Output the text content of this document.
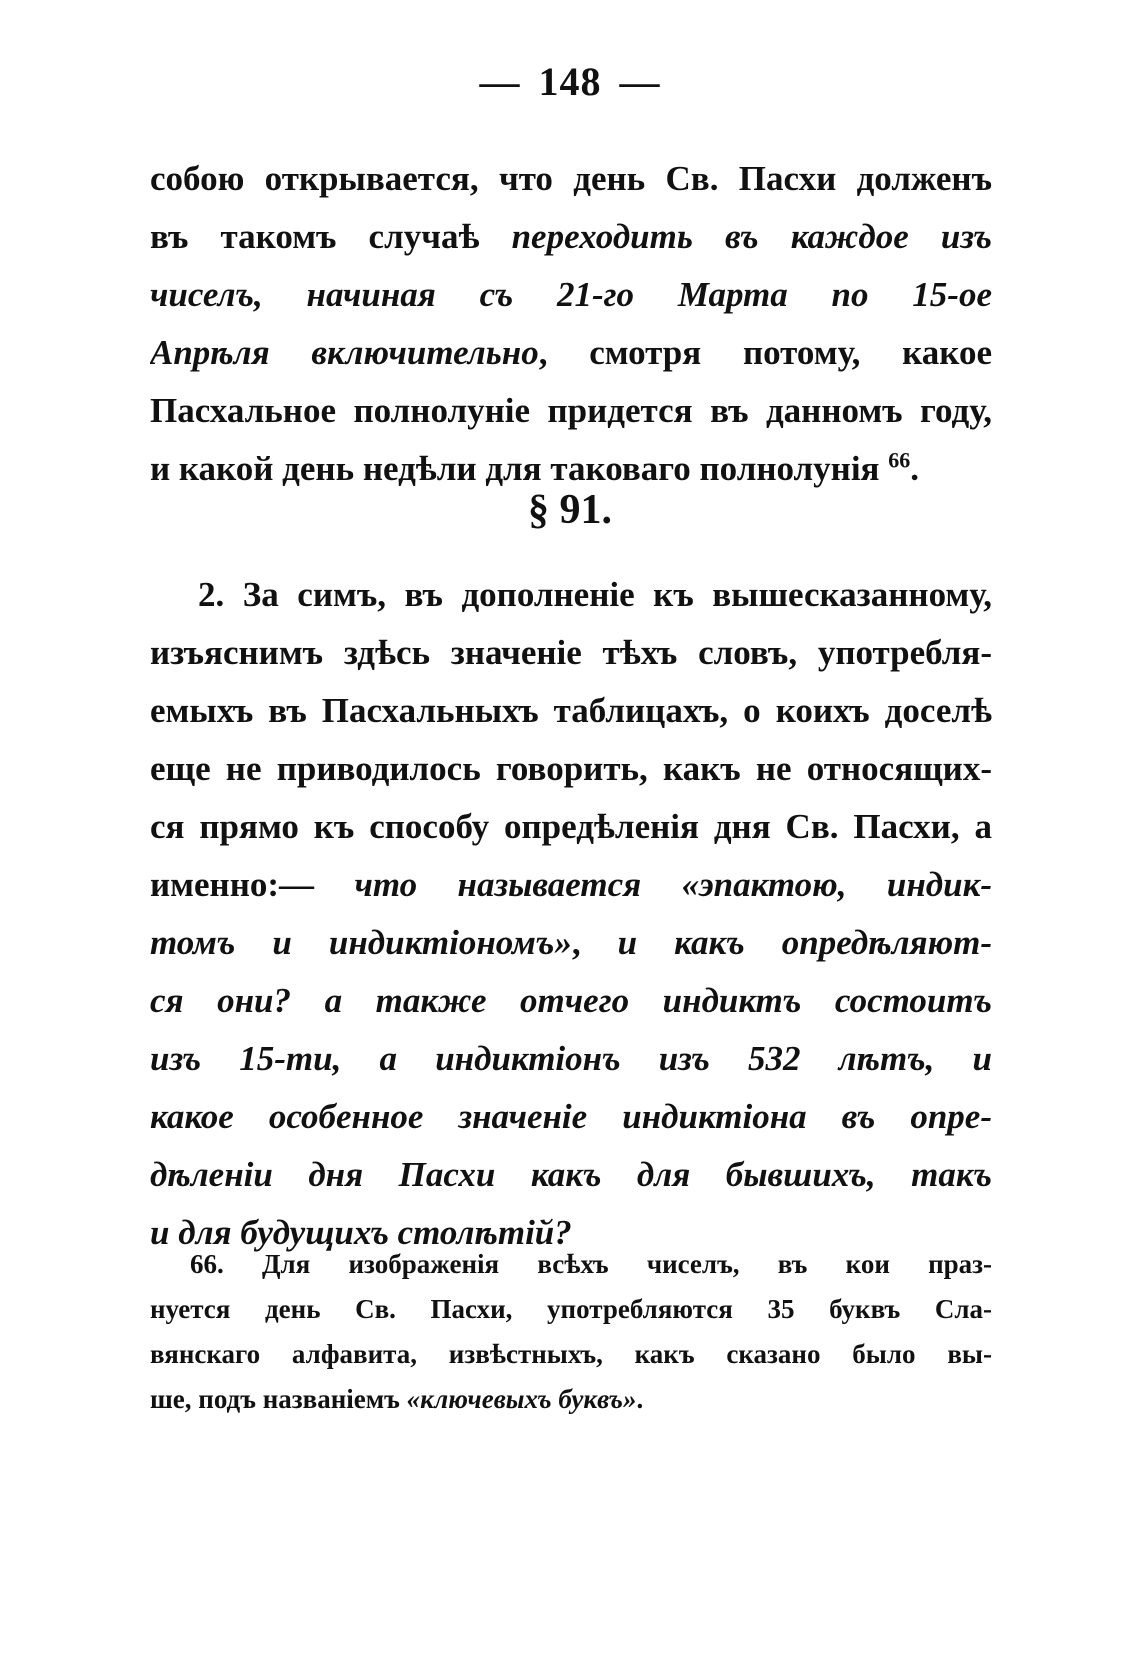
— 148 —
собою открывается, что день Св. Пасхи долженъ
въ такомъ случаѣ переходить въ каждое изъ
чиселъ, начиная съ 21-го Марта по 15-ое
Апрѣля включительно, смотря потому, какое
Пасхальное полнолуніе придется въ данномъ году,
и какой день недѣли для таковаго полнолунія $^{66}$.
§ 91.
2. За симъ, въ дополненіе къ вышесказанному,
изъяснимъ здѣсь значеніе тѣхъ словъ, употребля-
емыхъ въ Пасхальныхъ таблицахъ, о коихъ доселѣ
еще не приводилось говорить, какъ не относящих-
ся прямо къ способу опредѣленія дня Св. Пасхи, а
именно:— что называется «эпактою, индик-
томъ и индиктіономъ», и какъ опредѣляют-
ся они? а также отчего индиктъ состоитъ
изъ 15-ти, а индиктіонъ изъ 532 лѣтъ, и
какое особенное значеніе индиктіона въ опре-
дѣленіи дня Пасхи какъ для бывшихъ, такъ
и для будущихъ столѣтій?
66. Для изображенія всѣхъ чиселъ, въ кои праз-
нуется день Св. Пасхи, употребляются 35 буквъ Сла-
вянскаго алфавита, извѣстныхъ, какъ сказано было вы-
ше, подъ названіемъ «ключевыхъ буквъ».
